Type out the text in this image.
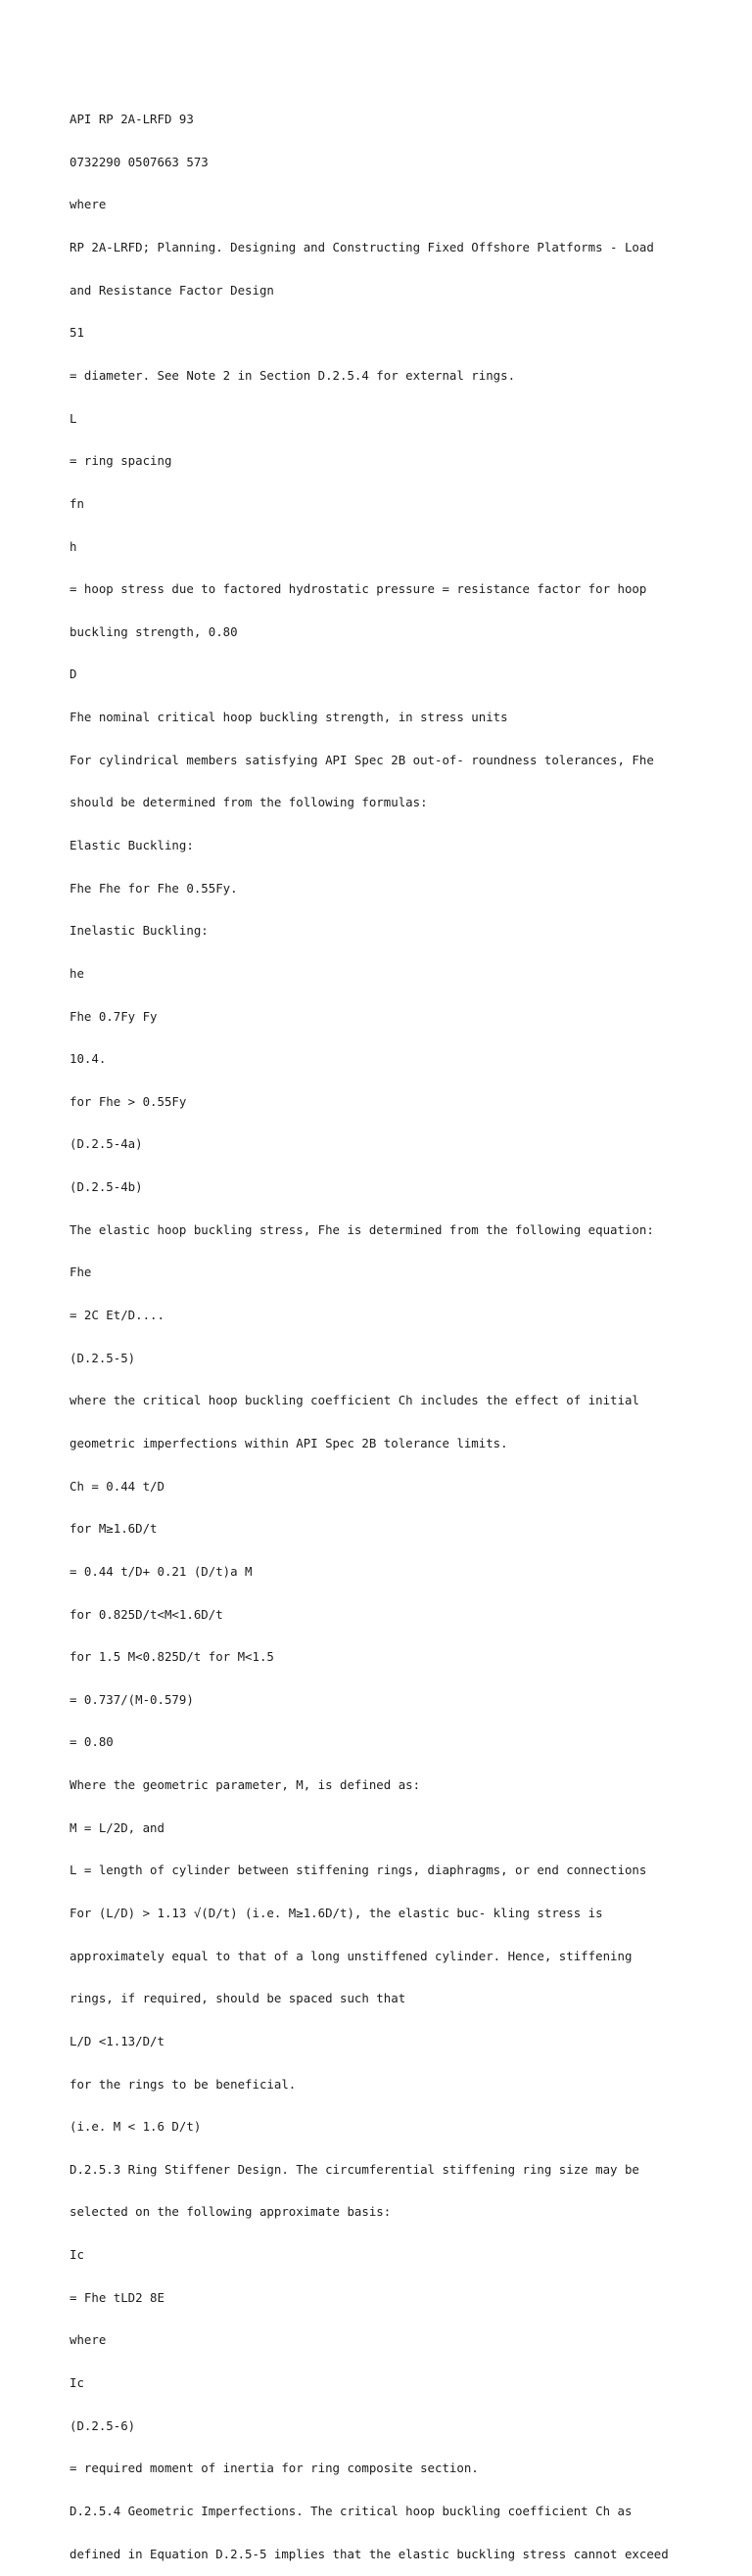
API RP 2A-LRFD 93

0732290 0507663 573

where

RP 2A-LRFD; Planning. Designing and Constructing Fixed Offshore Platforms - Load

and Resistance Factor Design

51

= diameter. See Note 2 in Section D.2.5.4 for external rings.

L

= ring spacing

fn

h

= hoop stress due to factored hydrostatic pressure = resistance factor for hoop

buckling strength, 0.80

D

Fhe nominal critical hoop buckling strength, in stress units

For cylindrical members satisfying API Spec 2B out-of- roundness tolerances, Fhe

should be determined from the following formulas:

Elastic Buckling:

Fhe Fhe for Fhe 0.55Fy.

Inelastic Buckling:

he

Fhe 0.7Fy Fy

10.4.

for Fhe > 0.55Fy

(D.2.5-4a)

(D.2.5-4b)

The elastic hoop buckling stress, Fhe is determined from the following equation:

Fhe

= 2C Et/D....

(D.2.5-5)

where the critical hoop buckling coefficient Ch includes the effect of initial

geometric imperfections within API Spec 2B tolerance limits.

Ch = 0.44 t/D

for M≥1.6D/t

= 0.44 t/D+ 0.21 (D/t)a M

for 0.825D/t<M<1.6D/t

for 1.5 M<0.825D/t for M<1.5

= 0.737/(M-0.579)

= 0.80

Where the geometric parameter, M, is defined as:

M = L/2D, and

L = length of cylinder between stiffening rings, diaphragms, or end connections

For (L/D) > 1.13 √(D/t) (i.e. M≥1.6D/t), the elastic buc- kling stress is

approximately equal to that of a long unstiffened cylinder. Hence, stiffening

rings, if required, should be spaced such that

L/D <1.13/D/t

for the rings to be beneficial.

(i.e. M < 1.6 D/t)

D.2.5.3 Ring Stiffener Design. The circumferential stiffening ring size may be

selected on the following approximate basis:

Ic

= Fhe tLD2 8E

where

Ic

(D.2.5-6)

= required moment of inertia for ring composite section.

D.2.5.4 Geometric Imperfections. The critical hoop buckling coefficient Ch as

defined in Equation D.2.5-5 implies that the elastic buckling stress cannot exceed
